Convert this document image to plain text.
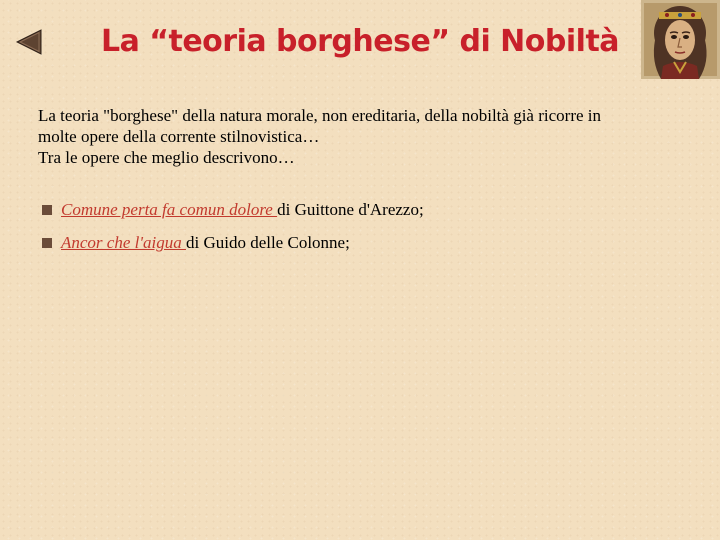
La “teoria borghese” di Nobiltà

La teoria "borghese" della natura morale, non ereditaria, della nobiltà già ricorre in

molte opere della corrente stilnovistica…

Tra le opere che meglio descrivono…

Comune perta fa comun dolore di Guittone d'Arezzo;
Ancor che l'aigua di Guido delle Colonne;
